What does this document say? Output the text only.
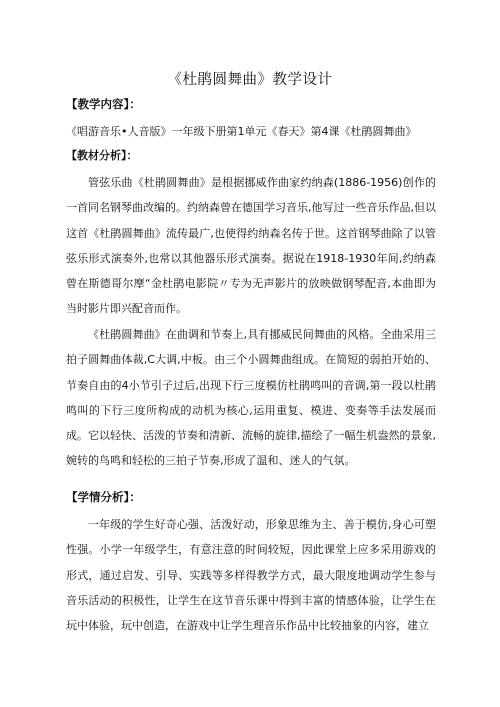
《杜鹃圆舞曲》教学设计
【教学内容】：

《唱游音乐•人音版》一年级下册第1单元《春天》第4课《杜鹃圆舞曲》 【教材分析】：

管弦乐曲《杜鹃圆舞曲》是根据挪威作曲家约纳森(1886-1956)创作的一首同名钢琴曲改编的。约纳森曾在德国学习音乐,他写过一些音乐作品,但以这首《杜鹃圆舞曲》流传最广,也使得约纳森名传于世。这首钢琴曲除了以管弦乐形式演奏外,也常以其他器乐形式演奏。据说在1918-1930年间,约纳森曾在斯德哥尔摩“金杜鹃电影院〃专为无声影片的放映做钢琴配音,本曲即为当时影片即兴配音而作。

《杜鹃圆舞曲》在曲调和节奏上,具有挪威民间舞曲的风格。全曲采用三拍子圆舞曲体裁,C大调,中板。由三个小圆舞曲组成。在简短的弱拍开始的、节奏自由的4小节引子过后,出现下行三度模仿杜鹃鸣叫的音调,第一段以杜鹃鸣叫的下行三度所构成的动机为核心,运用重复、模进、变奏等手法发展而成。它以轻快、活泼的节奏和清新、流畅的旋律,描绘了一幅生机盎然的景象,婉转的鸟鸣和轻松的三拍子节奏,形成了温和、迷人的气氛。

【学情分析】：

一年级的学生好奇心强、活泼好动，形象思维为主、善于模仿,身心可塑性强。小学一年级学生，有意注意的时间较短，因此课堂上应多采用游戏的形式，通过启发、引导、实践等多样得教学方式，最大限度地调动学生参与音乐活动的积极性，让学生在这节音乐课中得到丰富的情感体验，让学生在玩中体验，玩中创造，在游戏中让学生理音乐作品中比较抽象的内容，建立
